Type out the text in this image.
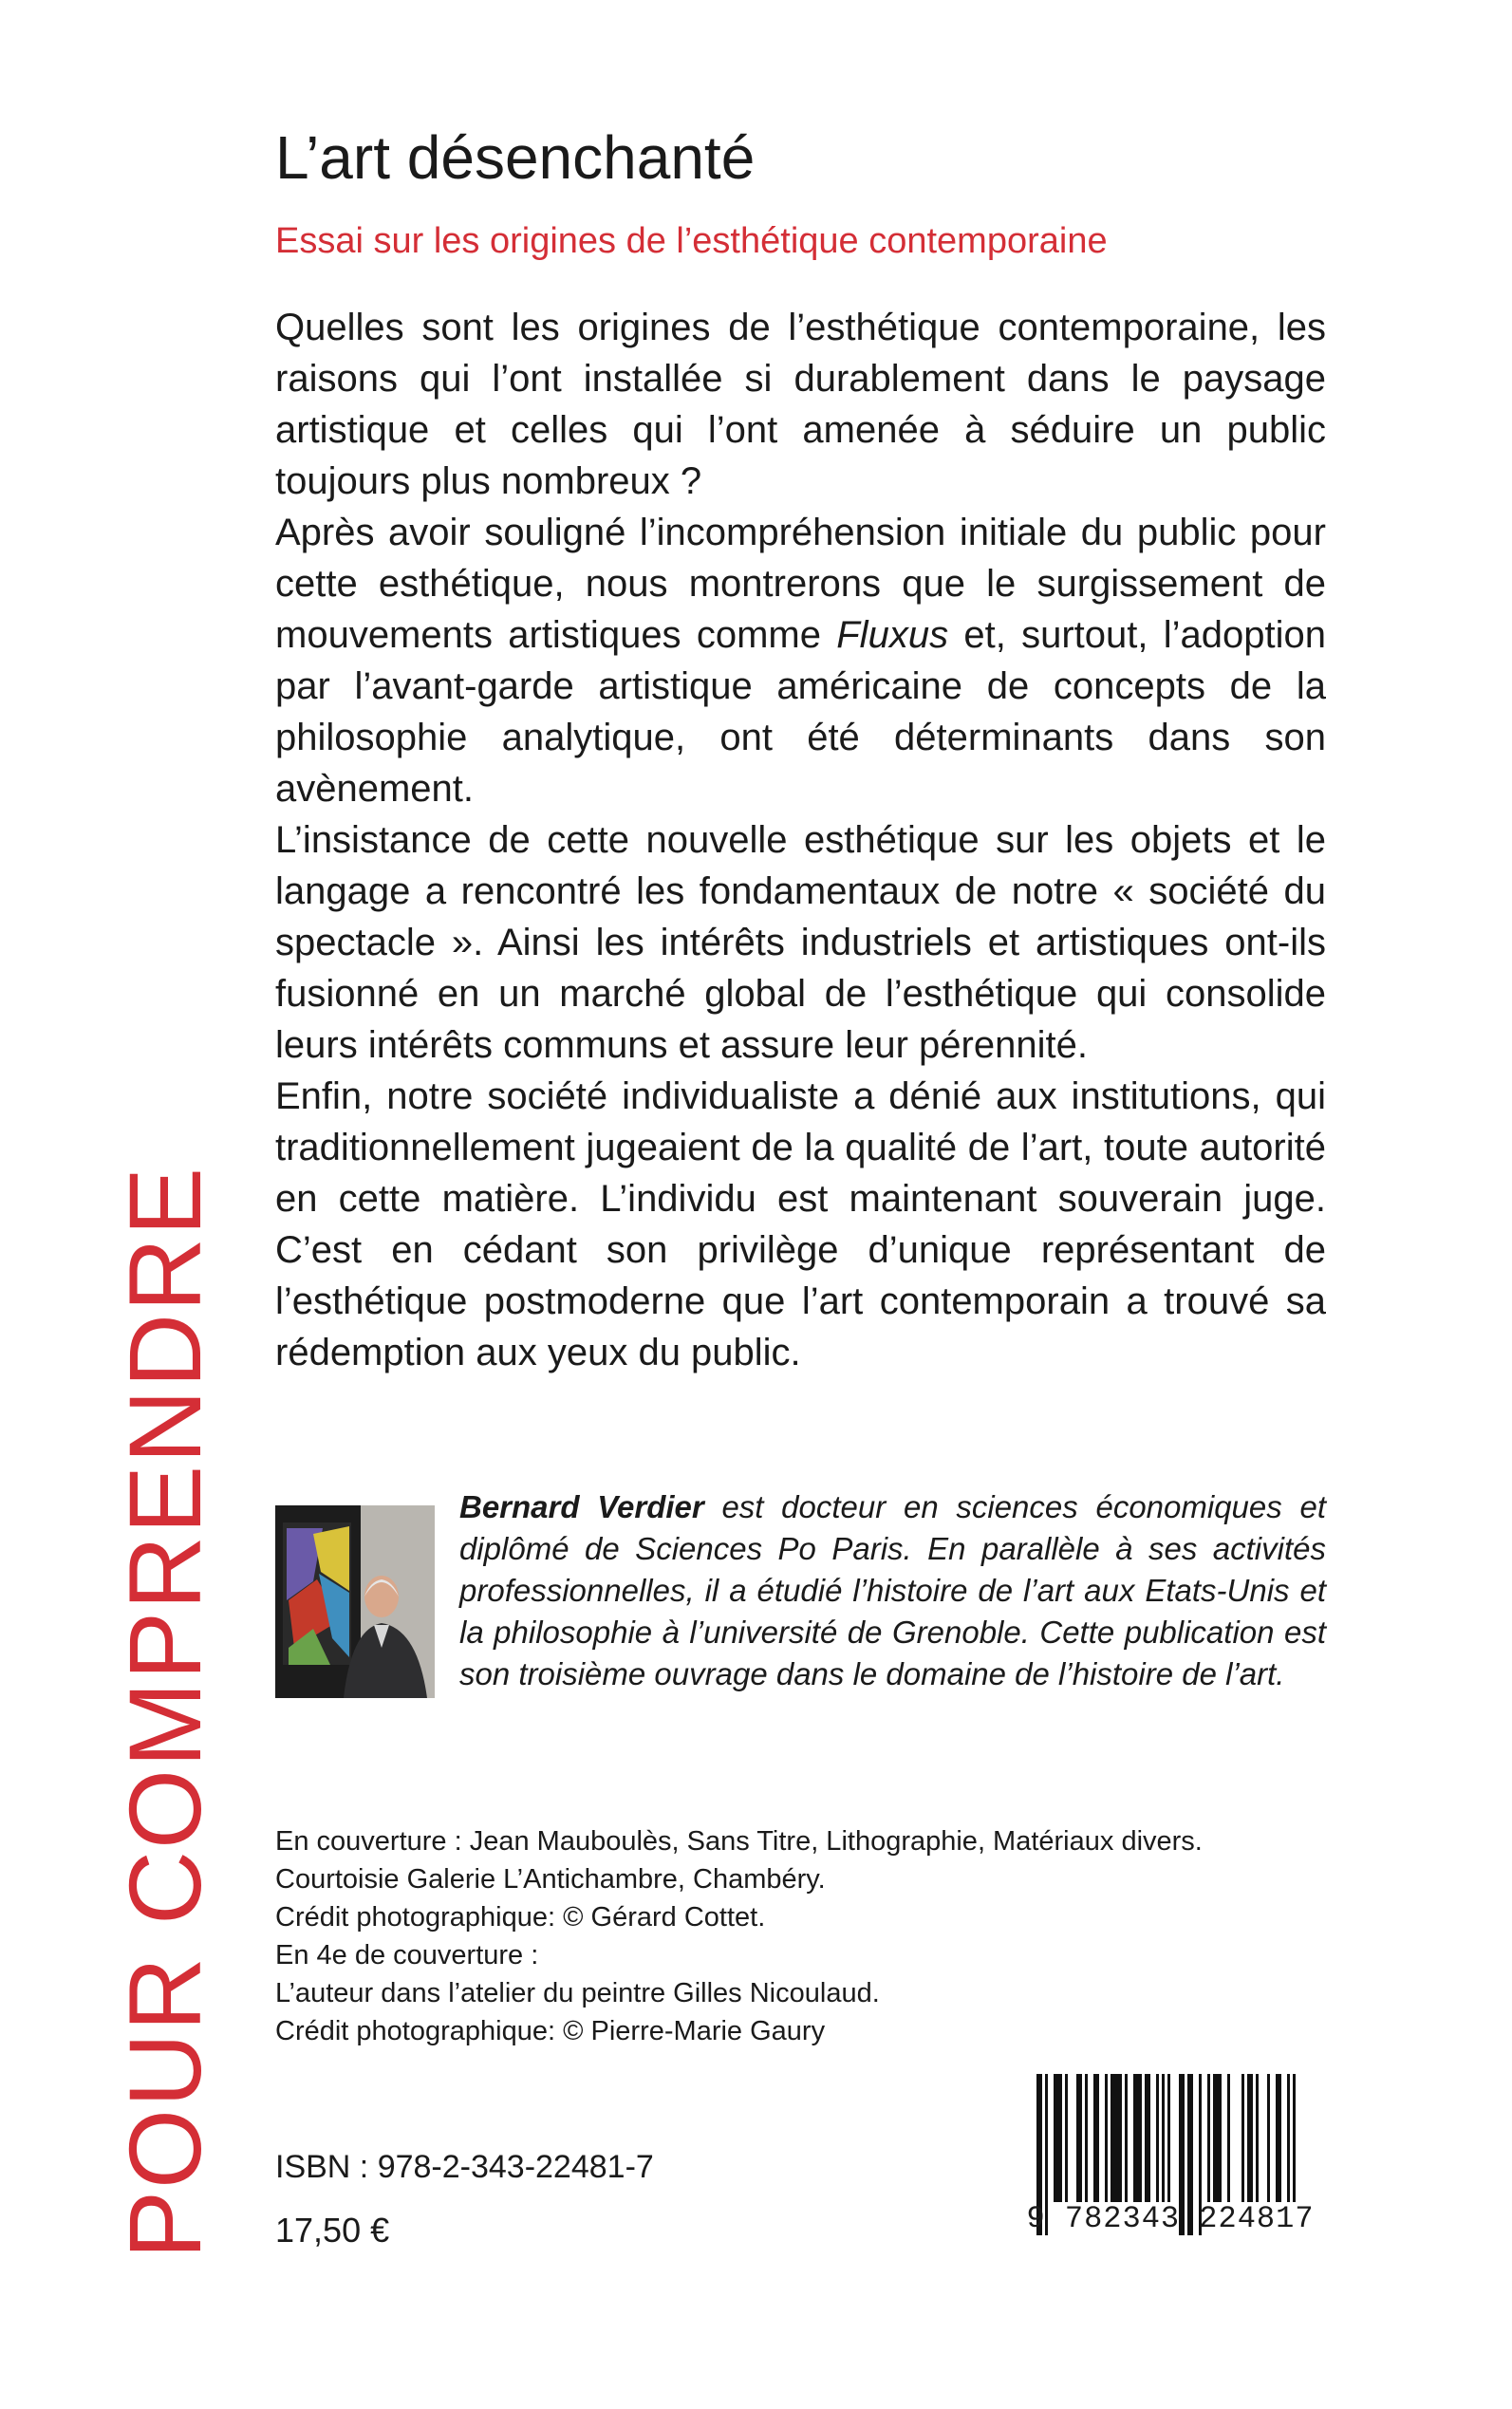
POUR COMPRENDRE
L’art désenchanté
Essai sur les origines de l’esthétique contemporaine

Quelles sont les origines de l’esthétique contemporaine, les raisons qui l’ont installée si durablement dans le paysage artistique et celles qui l’ont amenée à séduire un public toujours plus nombreux ?

Après avoir souligné l’incompréhension initiale du public pour cette esthétique, nous montrerons que le surgissement de mouvements artistiques comme Fluxus et, surtout, l’adoption par l’avant-garde artistique américaine de concepts de la philosophie analytique, ont été déterminants dans son avènement.

L’insistance de cette nouvelle esthétique sur les objets et le langage a rencontré les fondamentaux de notre « société du spectacle ». Ainsi les intérêts industriels et artistiques ont-ils fusionné en un marché global de l’esthétique qui consolide leurs intérêts communs et assure leur pérennité.

Enfin, notre société individualiste a dénié aux institutions, qui traditionnellement jugeaient de la qualité de l’art, toute autorité en cette matière. L’individu est maintenant souverain juge. C’est en cédant son privilège d’unique représentant de l’esthétique postmoderne que l’art contemporain a trouvé sa rédemption aux yeux du public.

Bernard Verdier est docteur en sciences économiques et diplômé de Sciences Po Paris. En parallèle à ses activités professionnelles, il a étudié l’histoire de l’art aux Etats-Unis et la philosophie à l’université de Grenoble. Cette publication est son troisième ouvrage dans le domaine de l’histoire de l’art.
En couverture : Jean Mauboulès, Sans Titre, Lithographie, Matériaux divers.
Courtoisie Galerie L’Antichambre, Chambéry.
Crédit photographique: © Gérard Cottet.
En 4e de couverture :
L’auteur dans l’atelier du peintre Gilles Nicoulaud.
Crédit photographique: © Pierre-Marie Gaury
ISBN : 978-2-343-22481-7
17,50 €	9 782343 224817
